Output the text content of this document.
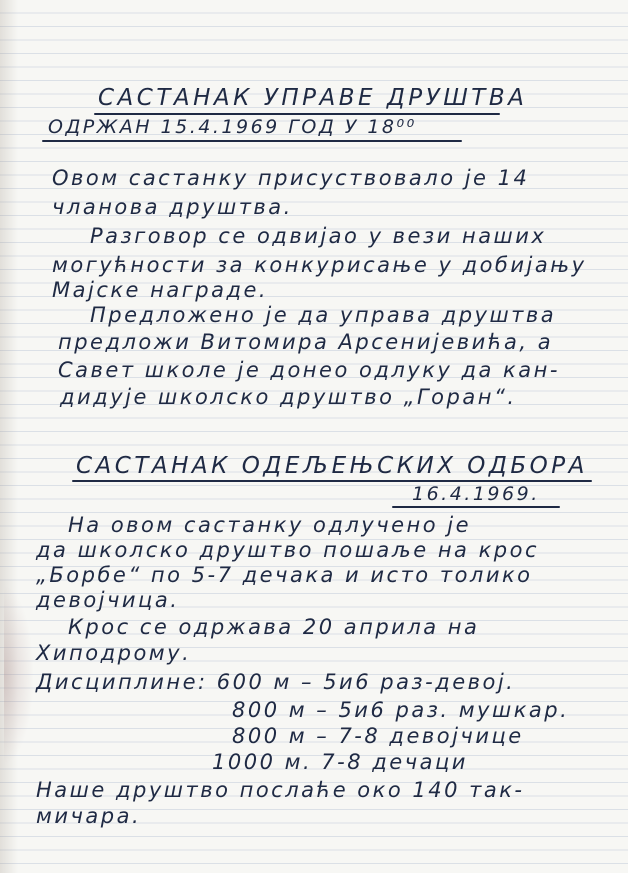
САСТАНАК УПРАВЕ ДРУШТВА
ОДРЖАН 15.4.1969 ГОД У 18⁰⁰
Овом састанку присуствовало је 14
чланова друштва.
Разговор се одвијао у вези наших
могућности за конкурисање у добијању
Мајске награде.
Предложено је да управа друштва
предложи Витомира Арсенијевића, а
Савет школе је донео одлуку да кан-
дидује школско друштво „Горан“.
САСТАНАК ОДЕЉЕЊСКИХ ОДБОРА
16.4.1969.
На овом састанку одлучено је
да школско друштво пошаље на крос
„Борбе“ по 5-7 дечака и исто толико
девојчица.
Крос се одржава 20 априла на
Хиподрому.
Дисциплине: 600 м – 5и6 раз-девој.
800 м – 5и6 раз. мушкар.
800 м – 7-8 девојчице
1000 м. 7-8 дечаци
Наше друштво послаће око 140 так-
мичара.
